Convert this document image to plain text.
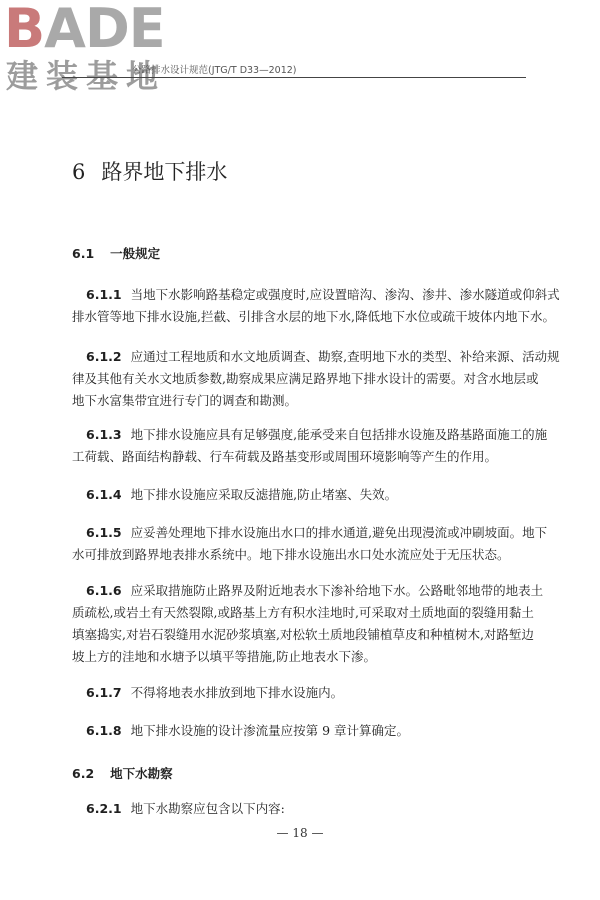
BADE
建装基地
公路排水设计规范(JTG/T D33—2012)
6 路界地下排水
6.1 一般规定
6.1.1 当地下水影响路基稳定或强度时,应设置暗沟、渗沟、渗井、渗水隧道或仰斜式
排水管等地下排水设施,拦截、引排含水层的地下水,降低地下水位或疏干坡体内地下水。
6.1.2 应通过工程地质和水文地质调查、勘察,查明地下水的类型、补给来源、活动规
律及其他有关水文地质参数,勘察成果应满足路界地下排水设计的需要。对含水地层或
地下水富集带宜进行专门的调查和勘测。
6.1.3 地下排水设施应具有足够强度,能承受来自包括排水设施及路基路面施工的施
工荷载、路面结构静载、行车荷载及路基变形或周围环境影响等产生的作用。
6.1.4 地下排水设施应采取反滤措施,防止堵塞、失效。
6.1.5 应妥善处理地下排水设施出水口的排水通道,避免出现漫流或冲刷坡面。地下
水可排放到路界地表排水系统中。地下排水设施出水口处水流应处于无压状态。
6.1.6 应采取措施防止路界及附近地表水下渗补给地下水。公路毗邻地带的地表土
质疏松,或岩土有天然裂隙,或路基上方有积水洼地时,可采取对土质地面的裂缝用黏土
填塞捣实,对岩石裂缝用水泥砂浆填塞,对松软土质地段铺植草皮和种植树木,对路堑边
坡上方的洼地和水塘予以填平等措施,防止地表水下渗。
6.1.7 不得将地表水排放到地下排水设施内。
6.1.8 地下排水设施的设计渗流量应按第 9 章计算确定。
6.2 地下水勘察
6.2.1 地下水勘察应包含以下内容:
— 18 —
